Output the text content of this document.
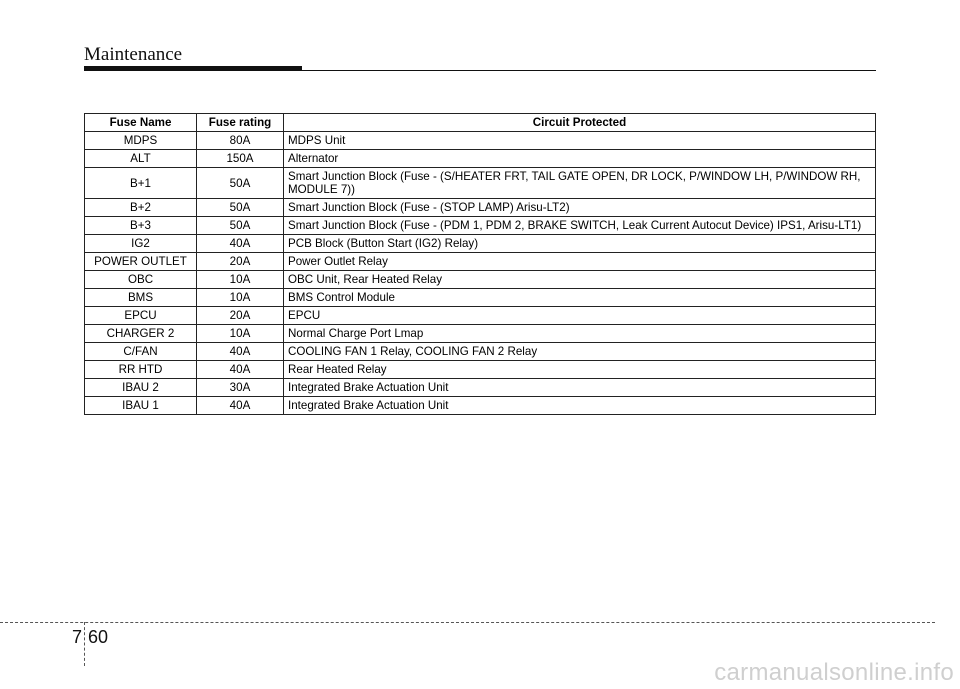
Maintenance
Fuse Name	Fuse rating	Circuit Protected
MDPS	80A	MDPS Unit
ALT	150A	Alternator
B+1	50A	Smart Junction Block (Fuse - (S/HEATER FRT, TAIL GATE OPEN, DR LOCK, P/WINDOW LH, P/WINDOW RH, MODULE 7))
B+2	50A	Smart Junction Block (Fuse - (STOP LAMP) Arisu-LT2)
B+3	50A	Smart Junction Block (Fuse - (PDM 1, PDM 2, BRAKE SWITCH, Leak Current Autocut Device) IPS1, Arisu-LT1)
IG2	40A	PCB Block (Button Start (IG2) Relay)
POWER OUTLET	20A	Power Outlet Relay
OBC	10A	OBC Unit, Rear Heated Relay
BMS	10A	BMS Control Module
EPCU	20A	EPCU
CHARGER 2	10A	Normal Charge Port Lmap
C/FAN	40A	COOLING FAN 1 Relay, COOLING FAN 2 Relay
RR HTD	40A	Rear Heated Relay
IBAU 2	30A	Integrated Brake Actuation Unit
IBAU 1	40A	Integrated Brake Actuation Unit
7 60
carmanualsonline.info
